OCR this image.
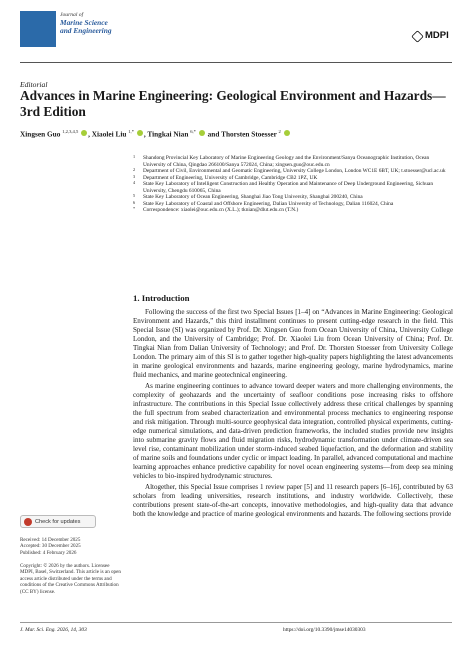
Journal of
Marine Science
and Engineering	MDPI
Editorial
Advances in Marine Engineering: Geological Environment and Hazards—3rd Edition
Xingsen Guo $^{1,2,3,4,5}$ , Xiaolei Liu $^{1,*}$ , Tingkai Nian $^{6,*}$  and Thorsten Stoesser $^2$
1 Shandong Provincial Key Laboratory of Marine Engineering Geology and the Environment/Sanya Oceanographic Institution, Ocean University of China, Qingdao 266100/Sanya 572024, China; xingsen.guo@ouc.edu.cn
2 Department of Civil, Environmental and Geomatic Engineering, University College London, London WC1E 6BT, UK; t.stoesser@ucl.ac.uk
3 Department of Engineering, University of Cambridge, Cambridge CB2 1PZ, UK
4 State Key Laboratory of Intelligent Construction and Healthy Operation and Maintenance of Deep Underground Engineering, Sichuan University, Chengdu 610065, China
5 State Key Laboratory of Ocean Engineering, Shanghai Jiao Tong University, Shanghai 200240, China
6 State Key Laboratory of Coastal and Offshore Engineering, Dalian University of Technology, Dalian 116024, China
* Correspondence: xiaolei@ouc.edu.cn (X.L.); tknian@dlut.edu.cn (T.N.)
1. Introduction

Following the success of the first two Special Issues [1–4] on “Advances in Marine Engineering: Geological Environment and Hazards,” this third installment continues to present cutting-edge research in the field. This Special Issue (SI) was organized by Prof. Dr. Xingsen Guo from Ocean University of China, University College London, and the University of Cambridge; Prof. Dr. Xiaolei Liu from Ocean University of China; Prof. Dr. Tingkai Nian from Dalian University of Technology; and Prof. Dr. Thorsten Stoesser from University College London. The primary aim of this SI is to gather together high-quality papers highlighting the latest advancements in marine geological environments and hazards, marine engineering geology, marine hydrodynamics, marine fluid mechanics, and marine geotechnical engineering.

As marine engineering continues to advance toward deeper waters and more challenging environments, the complexity of geohazards and the uncertainty of seafloor conditions pose increasing risks to offshore infrastructure. The contributions in this Special Issue collectively address these critical challenges by spanning the full spectrum from seabed characterization and environmental process mechanics to engineering response and risk mitigation. Through multi-source geophysical data integration, controlled physical experiments, cutting-edge numerical simulations, and data-driven prediction frameworks, the included studies provide new insights into submarine gravity flows and fluid migration risks, hydrodynamic transformation under climate-driven sea level rise, contaminant mobilization under storm-induced seabed liquefaction, and the deformation and stability of marine soils and foundations under cyclic or impact loading. In parallel, advanced computational and machine learning approaches enhance predictive capability for novel ocean engineering systems—from deep sea mining vehicles to bio-inspired hydrodynamic structures.

Altogether, this Special Issue comprises 1 review paper [5] and 11 research papers [6–16], contributed by 63 scholars from leading universities, research institutions, and industry worldwide. Collectively, these contributions present state-of-the-art concepts, innovative methodologies, and high-quality data that advance both the knowledge and practice of marine geological environments and hazards. The following sections provide

Check for updates
Received: 14 December 2025
Accepted: 30 December 2025
Published: 4 February 2026
Copyright: © 2026 by the authors. Licensee MDPI, Basel, Switzerland. This article is an open access article distributed under the terms and conditions of the Creative Commons Attribution (CC BY) license.
J. Mar. Sci. Eng. 2026, 14, 303	https://doi.org/10.3390/jmse14030303
